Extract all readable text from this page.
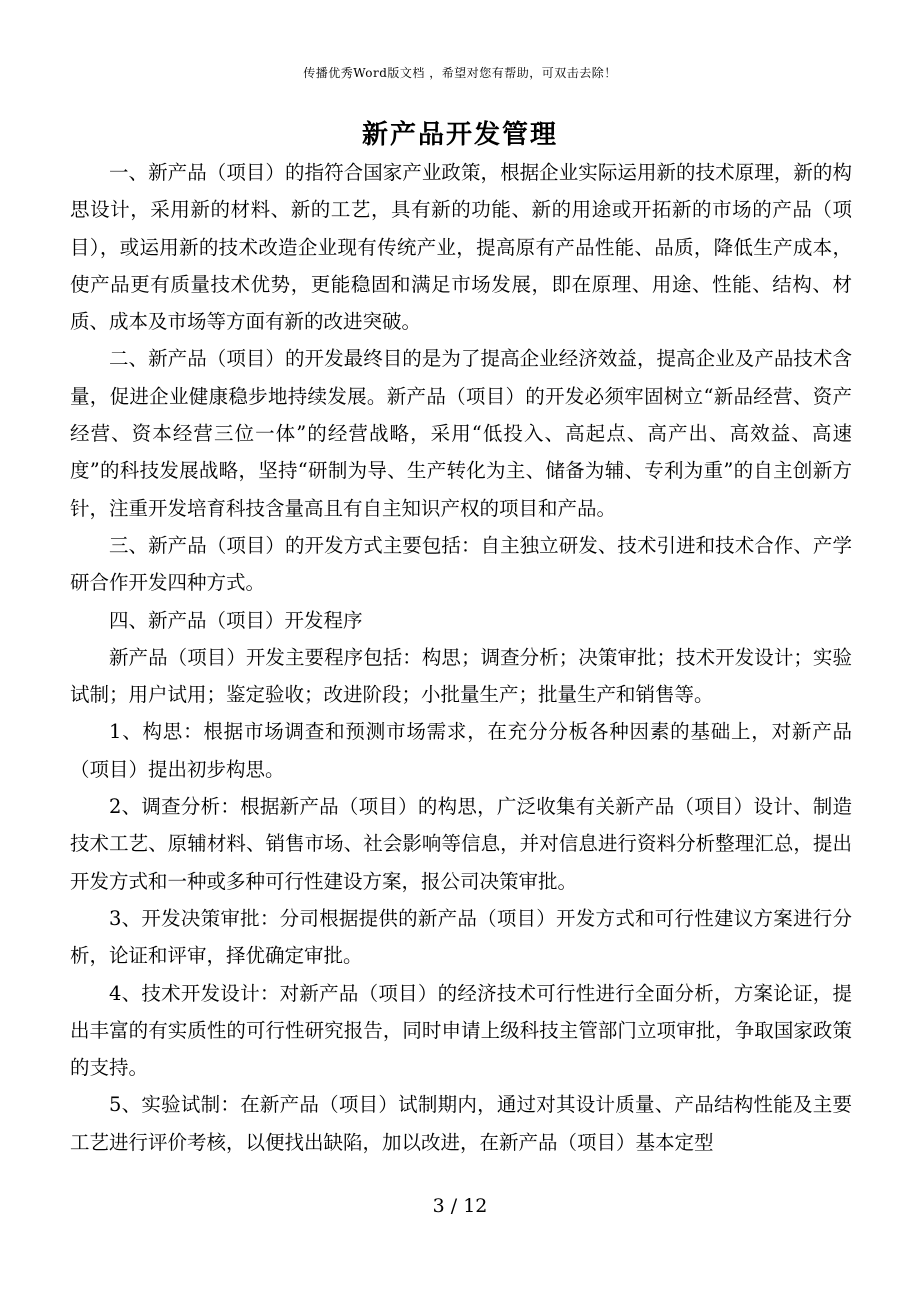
传播优秀Word版文档 ，希望对您有帮助，可双击去除！
新产品开发管理

一、新产品（项目）的指符合国家产业政策，根据企业实际运用新的技术原理，新的构思设计，采用新的材料、新的工艺，具有新的功能、新的用途或开拓新的市场的产品（项目），或运用新的技术改造企业现有传统产业，提高原有产品性能、品质，降低生产成本，使产品更有质量技术优势，更能稳固和满足市场发展，即在原理、用途、性能、结构、材质、成本及市场等方面有新的改进突破。

二、新产品（项目）的开发最终目的是为了提高企业经济效益，提高企业及产品技术含量，促进企业健康稳步地持续发展。新产品（项目）的开发必须牢固树立“新品经营、资产经营、资本经营三位一体”的经营战略，采用“低投入、高起点、高产出、高效益、高速度”的科技发展战略，坚持“研制为导、生产转化为主、储备为辅、专利为重”的自主创新方针，注重开发培育科技含量高且有自主知识产权的项目和产品。

三、新产品（项目）的开发方式主要包括：自主独立研发、技术引进和技术合作、产学研合作开发四种方式。

四、新产品（项目）开发程序

新产品（项目）开发主要程序包括：构思；调查分析；决策审批；技术开发设计；实验试制；用户试用；鉴定验收；改进阶段；小批量生产；批量生产和销售等。

1、构思：根据市场调查和预测市场需求，在充分分板各种因素的基础上，对新产品（项目）提出初步构思。

2、调查分析：根据新产品（项目）的构思，广泛收集有关新产品（项目）设计、制造技术工艺、原辅材料、销售市场、社会影响等信息，并对信息进行资料分析整理汇总，提出开发方式和一种或多种可行性建设方案，报公司决策审批。

3、开发决策审批：分司根据提供的新产品（项目）开发方式和可行性建议方案进行分析，论证和评审，择优确定审批。

4、技术开发设计：对新产品（项目）的经济技术可行性进行全面分析，方案论证，提出丰富的有实质性的可行性研究报告，同时申请上级科技主管部门立项审批，争取国家政策的支持。

5、实验试制：在新产品（项目）试制期内，通过对其设计质量、产品结构性能及主要工艺进行评价考核，以便找出缺陷，加以改进，在新产品（项目）基本定型

3 / 12
